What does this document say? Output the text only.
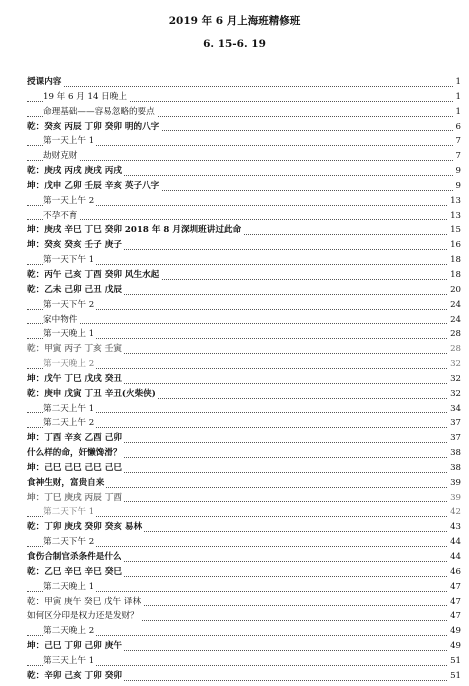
2019 年 6 月上海班精修班
6. 15-6. 19
授课内容	1
19 年 6 月 14 日晚上	1
命理基础——容易忽略的要点	1
乾：癸亥 丙辰 丁卯 癸卯 明的八字	6
第一天上午 1	7
劫财克财	7
乾：庚戌 丙戌 庚戌 丙戌	9
坤：戊申 乙卯 壬辰 辛亥 英子八字	9
第一天上午 2	13
不孕不育	13
坤：庚戌 辛巳 丁巳 癸卯 2018 年 8 月深圳班讲过此命	15
坤：癸亥 癸亥 壬子 庚子	16
第一天下午 1	18
乾：丙午 己亥 丁酉 癸卯 风生水起	18
乾：乙未 己卯 己丑 戊辰	20
第一天下午 2	24
家中物件	24
第一天晚上 1	28
乾：甲寅 丙子 丁亥 壬寅	28
第一天晚上 2	32
坤：戊午 丁巳 戊戌 癸丑	32
乾：庚申 戊寅 丁丑 辛丑(火柴侠)	32
第二天上午 1	34
第二天上午 2	37
坤：丁酉 辛亥 乙酉 己卯	37
什么样的命，奸懒馋滑？	38
坤：己巳 己巳 己巳 己巳	38
食神生财，富贵自来	39
坤：丁巳 庚戌 丙辰 丁酉	39
第二天下午 1	42
乾：丁卯 庚戌 癸卯 癸亥 易林	43
第二天下午 2	44
食伤合制官杀条件是什么	44
乾：乙巳 辛巳 辛巳 癸巳	46
第二天晚上 1	47
乾：甲寅 庚午 癸巳 戊午 译林	47
如何区分印是权力还是发财？	47
第二天晚上 2	49
坤：己巳 丁卯 己卯 庚午	49
第三天上午 1	51
乾：辛卯 己亥 丁卯 癸卯	51
